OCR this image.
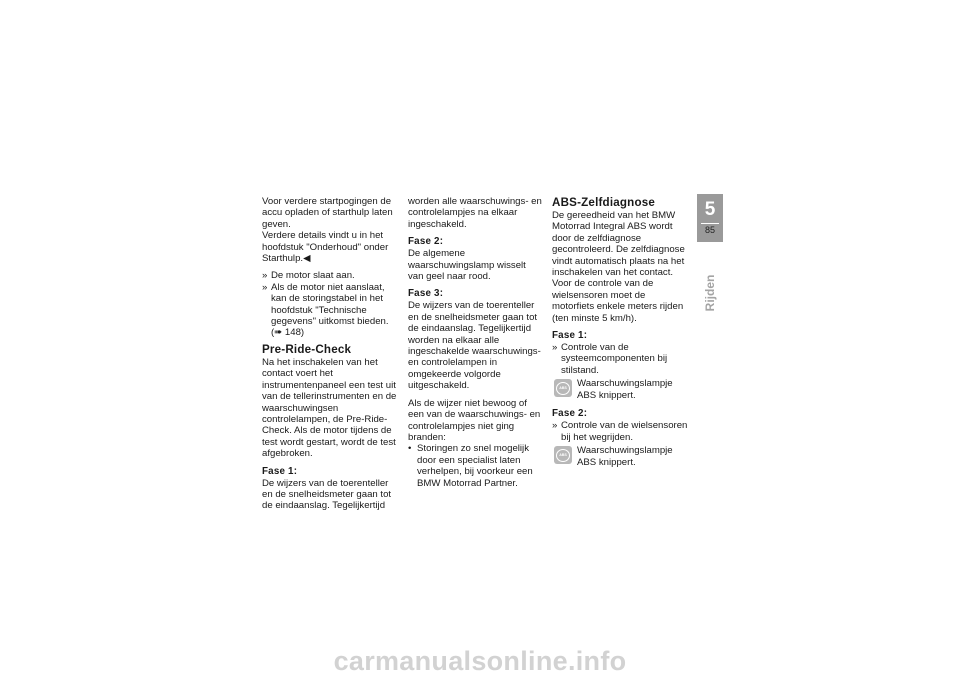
Voor verdere startpogingen de accu opladen of starthulp laten geven.

Verdere details vindt u in het hoofdstuk "Onderhoud" onder Starthulp.◀

» De motor slaat aan.
» Als de motor niet aanslaat, kan de storingstabel in het hoofdstuk "Technische gegevens" uitkomst bieden. (➠ 148)
Pre-Ride-Check

Na het inschakelen van het contact voert het instrumentenpaneel een test uit van de tellerinstrumenten en de waarschuwingsen controlelampen, de Pre-Ride-Check. Als de motor tijdens de test wordt gestart, wordt de test afgebroken.

Fase 1:

De wijzers van de toerenteller en de snelheidsmeter gaan tot de eindaanslag. Tegelijkertijd

worden alle waarschuwings- en controlelampjes na elkaar ingeschakeld.

Fase 2:

De algemene waarschuwingslamp wisselt van geel naar rood.

Fase 3:

De wijzers van de toerenteller en de snelheidsmeter gaan tot de eindaanslag. Tegelijkertijd worden na elkaar alle ingeschakelde waarschuwings- en controlelampen in omgekeerde volgorde uitgeschakeld.

Als de wijzer niet bewoog of een van de waarschuwings- en controlelampjes niet ging branden:

• Storingen zo snel mogelijk door een specialist laten verhelpen, bij voorkeur een BMW Motorrad Partner.
ABS-Zelfdiagnose

De gereedheid van het BMW Motorrad Integral ABS wordt door de zelfdiagnose gecontroleerd. De zelfdiagnose vindt automatisch plaats na het inschakelen van het contact.

Voor de controle van de wielsensoren moet de motorfiets enkele meters rijden (ten minste 5 km/h).

Fase 1:
» Controle van de systeemcomponenten bij stilstand.
ABS	Waarschuwingslampje ABS knippert.
Fase 2:
» Controle van de wielsensoren bij het wegrijden.
ABS	Waarschuwingslampje ABS knippert.
5
85
Rijden
carmanualsonline.info
